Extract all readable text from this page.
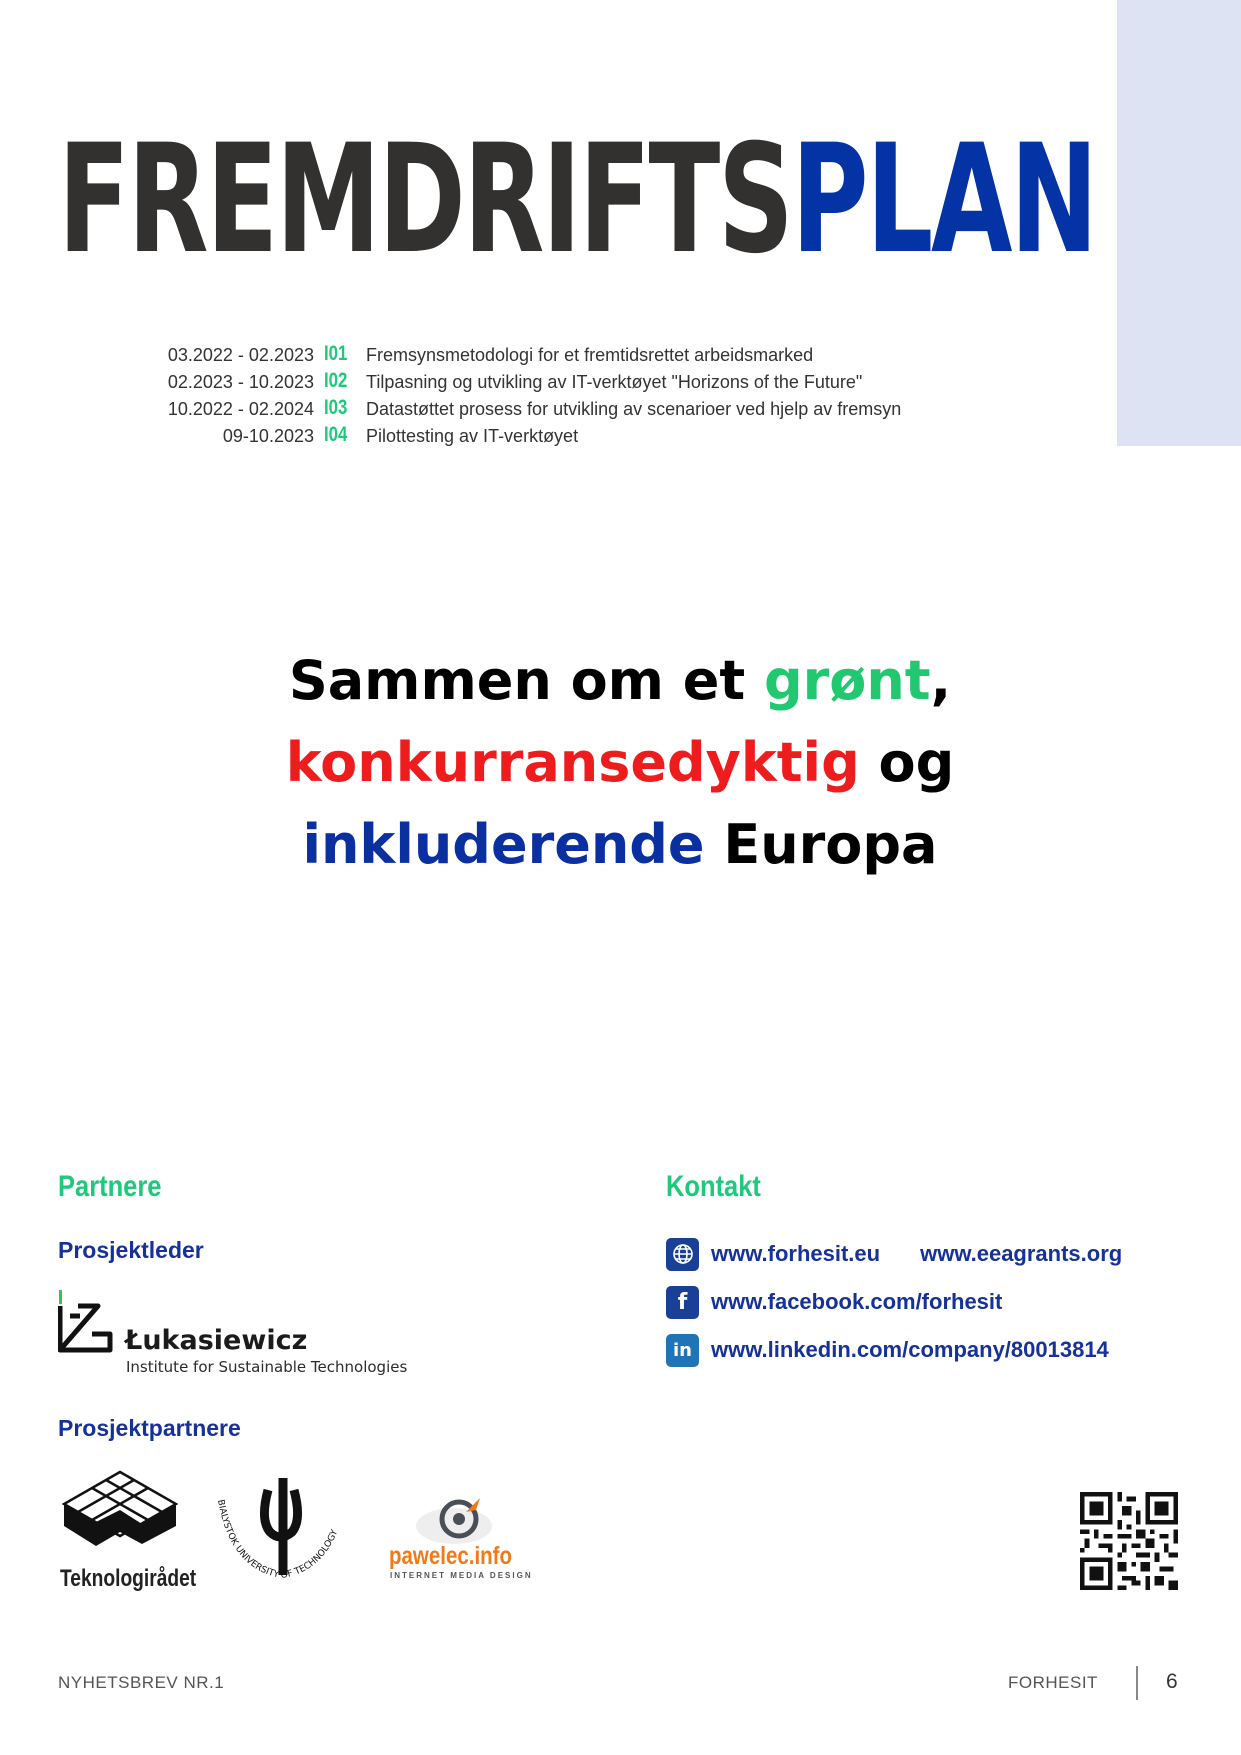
FREMDRIFTSPLAN
03.2022 - 02.2023 I01 Fremsynsmetodologi for et fremtidsrettet arbeidsmarked
02.2023 - 10.2023 I02 Tilpasning og utvikling av IT-verktøyet "Horizons of the Future"
10.2022 - 02.2024 I03 Datastøttet prosess for utvikling av scenarioer ved hjelp av fremsyn
09-10.2023 I04 Pilottesting av IT-verktøyet
Sammen om et grønt,
konkurransedyktig og
inkluderende Europa
Partnere
Prosjektleder
Łukasiewicz
Institute for Sustainable Technologies
Prosjektpartnere
Teknologirådet
BIALYSTOK UNIVERSITY OF TECHNOLOGY
pawelec.info
INTERNET MEDIA DESIGN
Kontakt
www.forhesit.eu www.eeagrants.org
f	www.facebook.com/forhesit
in www.linkedin.com/company/80013814
NYHETSBREV NR.1	FORHESIT	6
